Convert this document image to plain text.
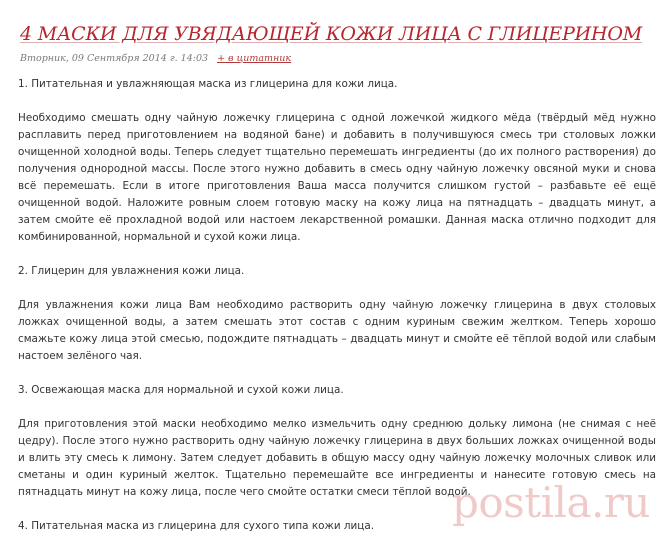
4 МАСКИ ДЛЯ УВЯДАЮЩЕЙ КОЖИ ЛИЦА С ГЛИЦЕРИНОМ
Вторник, 09 Сентября 2014 г. 14:03 + в цитатник

1. Питательная и увлажняющая маска из глицерина для кожи лица.

Необходимо смешать одну чайную ложечку глицерина с одной ложечкой жидкого мёда (твёрдый мёд нужно расплавить перед приготовлением на водяной бане) и добавить в получившуюся смесь три столовых ложки очищенной холодной воды. Теперь следует тщательно перемешать ингредиенты (до их полного растворения) до получения однородной массы. После этого нужно добавить в смесь одну чайную ложечку овсяной муки и снова всё перемешать. Если в итоге приготовления Ваша масса получится слишком густой – разбавьте её ещё очищенной водой. Наложите ровным слоем готовую маску на кожу лица на пятнадцать – двадцать минут, а затем смойте её прохладной водой или настоем лекарственной ромашки. Данная маска отлично подходит для комбинированной, нормальной и сухой кожи лица.

2. Глицерин для увлажнения кожи лица.

Для увлажнения кожи лица Вам необходимо растворить одну чайную ложечку глицерина в двух столовых ложках очищенной воды, а затем смешать этот состав с одним куриным свежим желтком. Теперь хорошо смажьте кожу лица этой смесью, подождите пятнадцать – двадцать минут и смойте её тёплой водой или слабым настоем зелёного чая.

3. Освежающая маска для нормальной и сухой кожи лица.

Для приготовления этой маски необходимо мелко измельчить одну среднюю дольку лимона (не снимая с неё цедру). После этого нужно растворить одну чайную ложечку глицерина в двух больших ложках очищенной воды и влить эту смесь к лимону. Затем следует добавить в общую массу одну чайную ложечку молочных сливок или сметаны и один куриный желток. Тщательно перемешайте все ингредиенты и нанесите готовую смесь на пятнадцать минут на кожу лица, после чего смойте остатки смеси тёплой водой.

4. Питательная маска из глицерина для сухого типа кожи лица.	postila.ru
